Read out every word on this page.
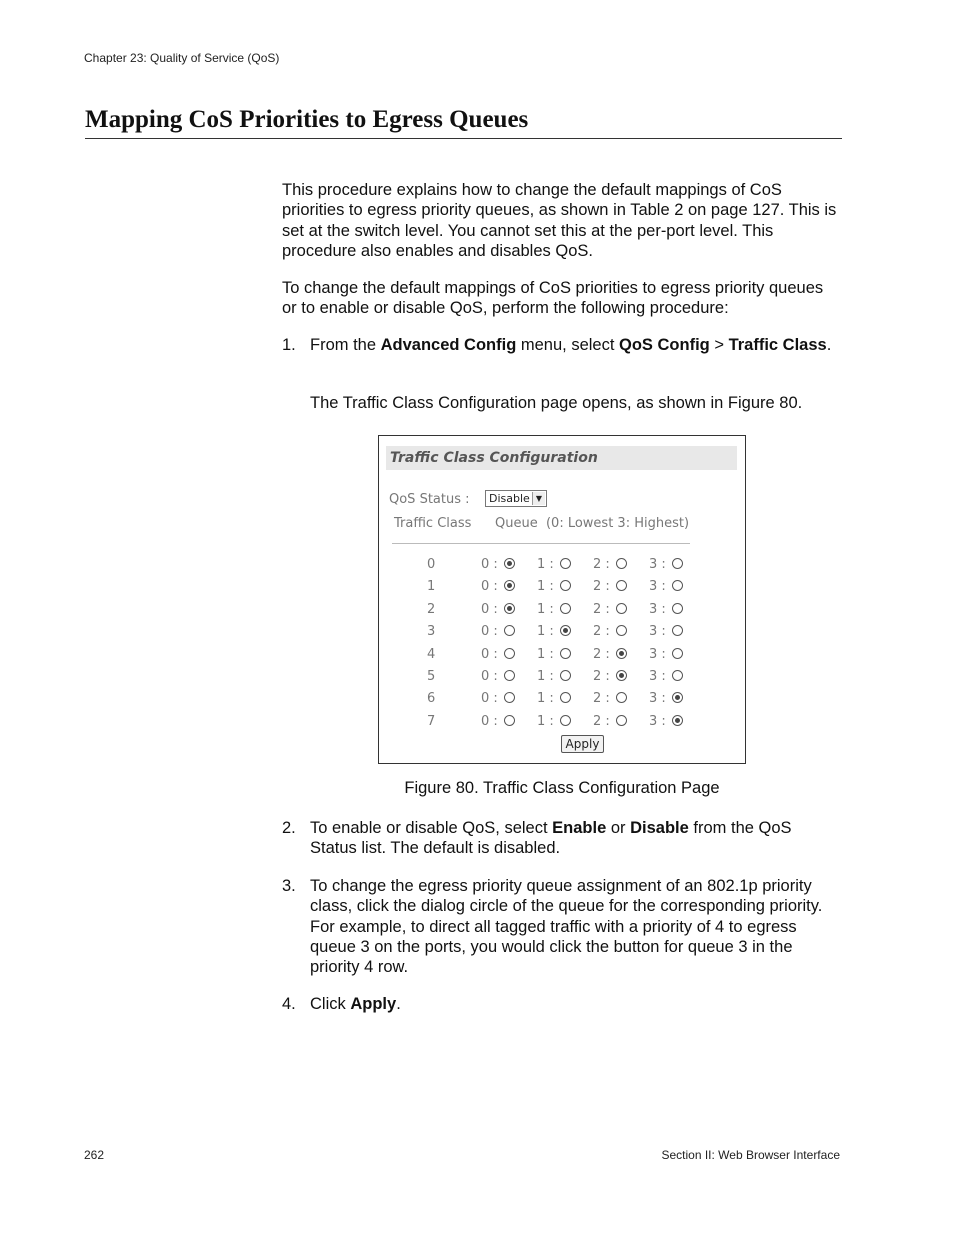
Chapter 23: Quality of Service (QoS)
Mapping CoS Priorities to Egress Queues

This procedure explains how to change the default mappings of CoS priorities to egress priority queues, as shown in Table 2 on page 127. This is set at the switch level. You cannot set this at the per-port level. This procedure also enables and disables QoS.

To change the default mappings of CoS priorities to egress priority queues or to enable or disable QoS, perform the following procedure:

1. From the Advanced Config menu, select QoS Config > Traffic Class.

The Traffic Class Configuration page opens, as shown in Figure 80.

Traffic Class Configuration
QoS Status :	Disable ▼
Traffic Class Queue  (0: Lowest 3: Highest)
0	0 :	1 :	2 :	3 :
1	0 :	1 :	2 :	3 :
2	0 :	1 :	2 :	3 :
3	0 :	1 :	2 :	3 :
4	0 :	1 :	2 :	3 :
5	0 :	1 :	2 :	3 :
6	0 :	1 :	2 :	3 :
7	0 :	1 :	2 :	3 :
Apply
Figure 80. Traffic Class Configuration Page
2. To enable or disable QoS, select Enable or Disable from the QoS Status list. The default is disabled.

3. To change the egress priority queue assignment of an 802.1p priority class, click the dialog circle of the queue for the corresponding priority. For example, to direct all tagged traffic with a priority of 4 to egress queue 3 on the ports, you would click the button for queue 3 in the priority 4 row.

4. Click Apply.

262	Section II: Web Browser Interface
